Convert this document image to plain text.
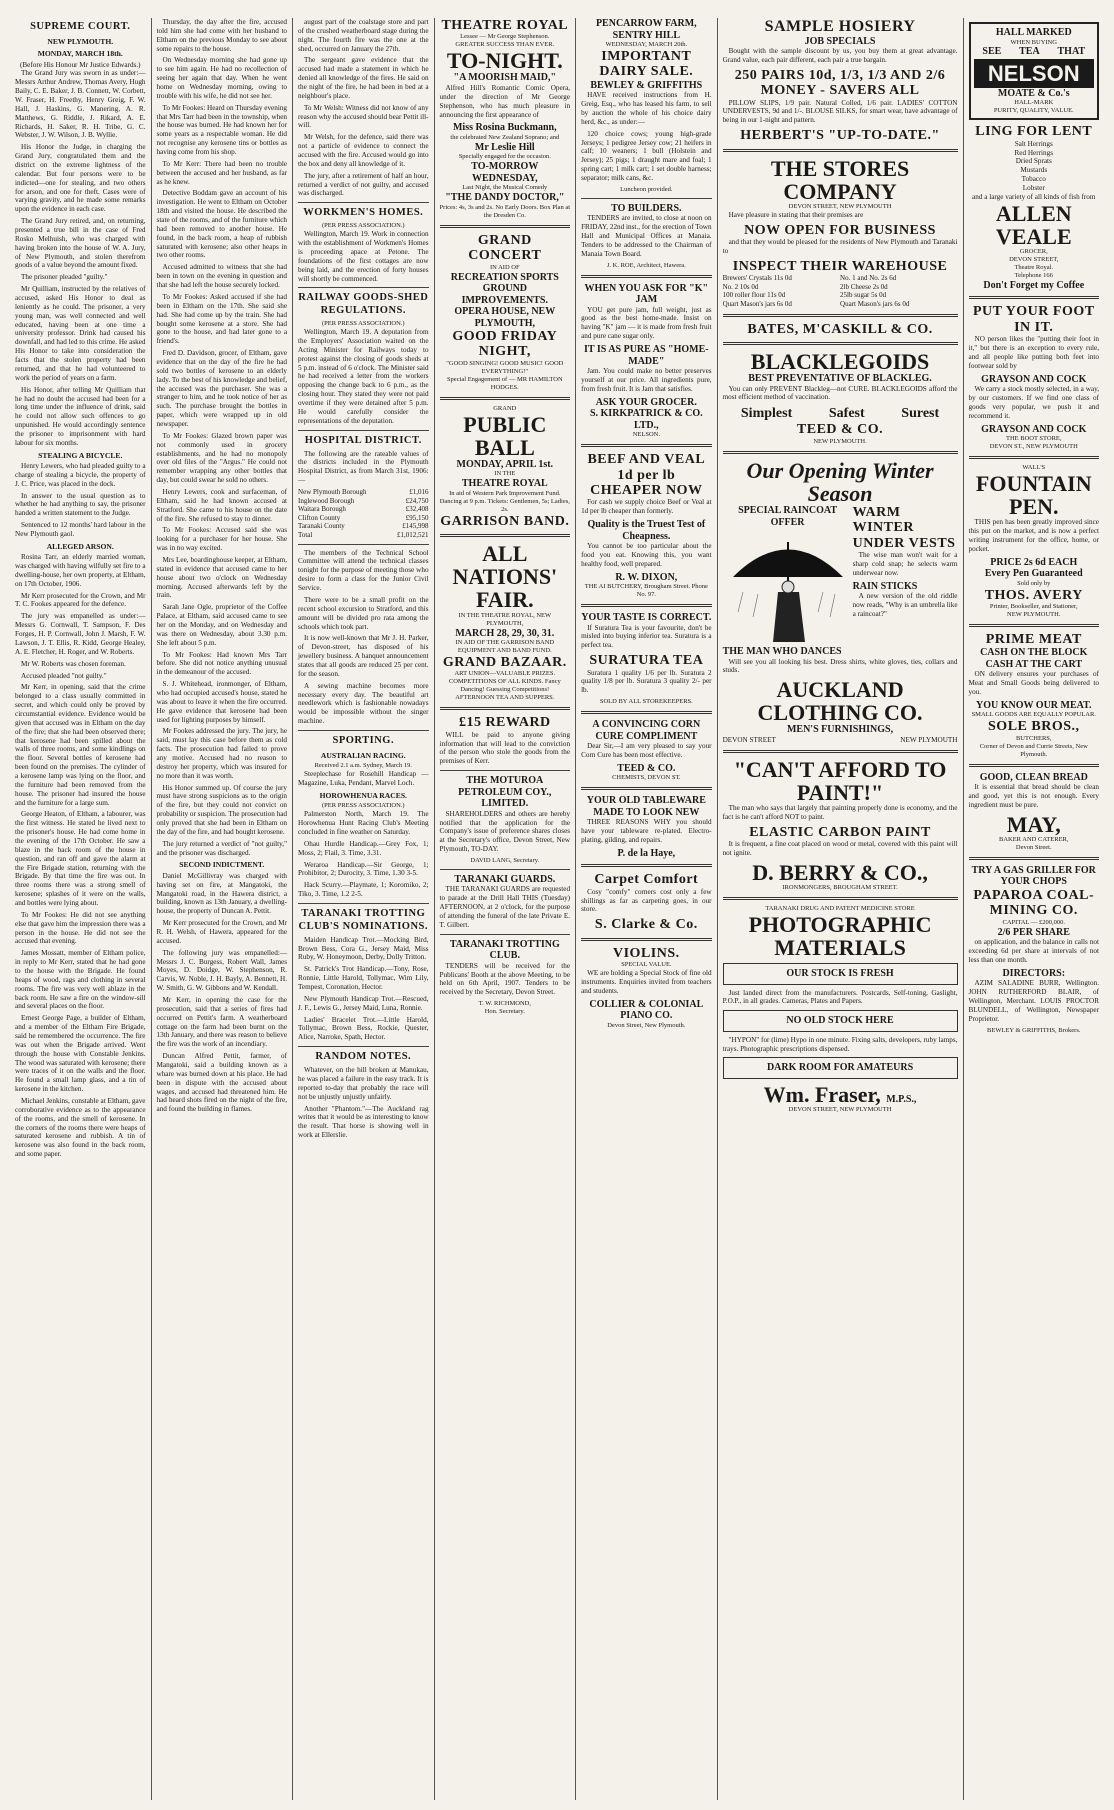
SUPREME COURT.
NEW PLYMOUTH.
MONDAY, MARCH 18th.
(Before His Honour Mr Justice Edwards.)

The Grand Jury was sworn in as under:—Messrs Arthur Andrew, Thomas Avery, Hugh Baily, C. E. Baker, J. B. Connett, W. Corbett, W. Fraser, H. Freethy, Henry Greig, F. W. Hall, J. Haskins, G. Manering, A. R. Matthews, G. Riddle, J. Rikard, A. E. Richards, H. Saker, R. H. Tribe, G. C. Webster, J. W. Wilson, J. B. Wyllie.

His Honor the Judge, in charging the Grand Jury, congratulated them and the district on the extreme lightness of the calendar. But four persons were to be indicted—one for stealing, and two others for arson, and one for theft. Cases were of varying gravity, and he made some remarks upon the evidence in each case.

The Grand Jury retired, and, on returning, presented a true bill in the case of Fred Rosko Melhuish, who was charged with having broken into the house of W. A. Jury, of New Plymouth, and stolen therefrom goods of a value beyond the amount fixed.

The prisoner pleaded "guilty."

Mr Quilliam, instructed by the relatives of accused, asked His Honor to deal as leniently as he could. The prisoner, a very young man, was well connected and well educated, having been at one time a university professor. Drink had caused his downfall, and had led to this crime. He asked His Honor to take into consideration the facts that the stolen property had been returned, and that he had volunteered to work the period of years on a farm.

His Honor, after telling Mr Quilliam that he had no doubt the accused had been for a long time under the influence of drink, said he could not allow such offences to go unpunished. He would accordingly sentence the prisoner to imprisonment with hard labour for six months.

STEALING A BICYCLE.

Henry Lewers, who had pleaded guilty to a charge of stealing a bicycle, the property of J. C. Price, was placed in the dock.

In answer to the usual question as to whether he had anything to say, the prisoner handed a written statement to the Judge.

Sentenced to 12 months' hard labour in the New Plymouth gaol.

ALLEGED ARSON.

Rosina Tarr, an elderly married woman, was charged with having wilfully set fire to a dwelling-house, her own property, at Eltham, on 17th October, 1906.

Mr Kerr prosecuted for the Crown, and Mr T. C. Fookes appeared for the defence.

The jury was empanelled as under:—Messrs G. Cornwall, T. Sampson, F. Des Forges, H. P. Cornwall, John J. Marsh, F. W. Lawson, J. T. Ellis, R. Kidd, George Healey, A. E. Fletcher, H. Roger, and W. Roberts.

Mr W. Roberts was chosen foreman.

Accused pleaded "not guilty."

Mr Kerr, in opening, said that the crime belonged to a class usually committed in secret, and which could only be proved by circumstantial evidence. Evidence would be given that accused was in Eltham on the day of the fire; that she had been observed there; that kerosene had been spilled about the walls of three rooms, and some kindlings on the floor. Several bottles of kerosene had been found on the premises. The cylinder of a kerosene lamp was lying on the floor, and the furniture had been removed from the house. The prisoner had insured the house and the furniture for a large sum.

George Heaton, of Eltham, a labourer, was the first witness. He stated he lived next to the prisoner's house. He had come home in the evening of the 17th October. He saw a blaze in the back room of the house in question, and ran off and gave the alarm at the Fire Brigade station, returning with the Brigade. By that time the fire was out. In three rooms there was a strong smell of kerosene; splashes of it were on the walls, and bottles were lying about.

To Mr Fookes: He did not see anything else that gave him the impression there was a person in the house. He did not see the accused that evening.

James Mossatt, member of Eltham police, in reply to Mr Kerr, stated that he had gone to the house with the Brigade. He found heaps of wood, rags and clothing in several rooms. The fire was very well ablaze in the back room. He saw a fire on the window-sill and several places on the floor.

Ernest George Page, a builder of Eltham, and a member of the Eltham Fire Brigade, said he remembered the occurrence. The fire was out when the Brigade arrived. Went through the house with Constable Jenkins. The wood was saturated with kerosene; there were traces of it on the walls and the floor. He found a small lamp glass, and a tin of kerosene in the kitchen.

Michael Jenkins, constable at Eltham, gave corroborative evidence as to the appearance of the rooms, and the smell of kerosene. In the corners of the rooms there were heaps of saturated kerosene and rubbish. A tin of kerosene was also found in the back room, and some paper.

Thursday, the day after the fire, accused told him she had come with her husband to Eltham on the previous Monday to see about some repairs to the house.

On Wednesday morning she had gone up to see him again. He had no recollection of seeing her again that day. When he went home on Wednesday morning, owing to trouble with his wife, he did not see her.

To Mr Fookes: Heard on Thursday evening that Mrs Tarr had been in the township, when the house was burned. He had known her for some years as a respectable woman. He did not recognise any kerosene tins or bottles as having come from his shop.

To Mr Kerr: There had been no trouble between the accused and her husband, as far as he knew.

Detective Boddam gave an account of his investigation. He went to Eltham on October 18th and visited the house. He described the state of the rooms, and of the furniture which had been removed to another house. He found, in the back room, a heap of rubbish saturated with kerosene; also other heaps in two other rooms.

Accused admitted to witness that she had been in town on the evening in question and that she had left the house securely locked.

To Mr Fookes: Asked accused if she had been in Eltham on the 17th. She said she had. She had come up by the train. She had bought some kerosene at a store. She had gone to the house, and had later gone to a friend's.

Fred D. Davidson, grocer, of Eltham, gave evidence that on the day of the fire he had sold two bottles of kerosene to an elderly lady. To the best of his knowledge and belief, the accused was the purchaser. She was a stranger to him, and he took notice of her as such. The purchase brought the bottles in paper, which were wrapped up in old newspaper.

To Mr Fookes: Glazed brown paper was not commonly used in grocery establishments, and he had no monopoly over old files of the "Argus." He could not remember wrapping any other bottles that day, but could swear he sold no others.

Henry Lewers, cook and surfaceman, of Eltham, said he had known accused at Stratford. She came to his house on the date of the fire. She refused to stay to dinner.

To Mr Fookes: Accused said she was looking for a purchaser for her house. She was in no way excited.

Mrs Lee, boardinghouse keeper, at Eltham, stated in evidence that accused came to her house about two o'clock on Wednesday morning. Accused afterwards left by the train.

Sarah Jane Ogle, proprietor of the Coffee Palace, at Eltham, said accused came to see her on the Monday, and on Wednesday and was there on Wednesday, about 3.30 p.m. She left about 5 p.m.

To Mr Fookes: Had known Mrs Tarr before. She did not notice anything unusual in the demeanour of the accused.

S. J. Whitehead, ironmonger, of Eltham, who had occupied accused's house, stated he was about to leave it when the fire occurred. He gave evidence that kerosene had been used for lighting purposes by himself.

Mr Fookes addressed the jury. The jury, he said, must lay this case before them as cold facts. The prosecution had failed to prove any motive. Accused had no reason to destroy her property, which was insured for no more than it was worth.

His Honor summed up. Of course the jury must have strong suspicions as to the origin of the fire, but they could not convict on probability or suspicion. The prosecution had only proved that she had been in Eltham on the day of the fire, and had bought kerosene.

The jury returned a verdict of "not guilty," and the prisoner was discharged.

SECOND INDICTMENT.

Daniel McGillivray was charged with having set on fire, at Mangatoki, the Mangatoki road, in the Hawera district, a building, known as 13th January, a dwelling-house, the property of Duncan A. Pettit.

Mr Kerr prosecuted for the Crown, and Mr R. H. Welsh, of Hawera, appeared for the accused.

The following jury was empanelled:—Messrs J. C. Burgess, Robert Wall, James Moyes, D. Doidge, W. Stephenson, R. Carvis, W. Noble, J. H. Bayly, A. Bennett, H. W. Smith, G. W. Gibbons and W. Kendall.

Mr Kerr, in opening the case for the prosecution, said that a series of fires had occurred on Pettit's farm. A weatherboard cottage on the farm had been burnt on the 13th January, and there was reason to believe the fire was the work of an incendiary.

Duncan Alfred Pettit, farmer, of Mangatoki, said a building known as a whare was burned down at his place. He had been in dispute with the accused about wages, and accused had threatened him. He had heard shots fired on the night of the fire, and found the building in flames.

august part of the coalstage store and part of the crushed weatherboard stage during the night. The fourth fire was the one at the shed, occurred on January the 27th.

The sergeant gave evidence that the accused had made a statement in which he denied all knowledge of the fires. He said on the night of the fire, he had been in bed at a neighbour's place.

To Mr Welsh: Witness did not know of any reason why the accused should bear Pettit ill-will.

Mr Welsh, for the defence, said there was not a particle of evidence to connect the accused with the fire. Accused would go into the box and deny all knowledge of it.

The jury, after a retirement of half an hour, returned a verdict of not guilty, and accused was discharged.

WORKMEN'S HOMES.
(PER PRESS ASSOCIATION.)

Wellington, March 19. Work in connection with the establishment of Workmen's Homes is proceeding apace at Petone. The foundations of the first cottages are now being laid, and the erection of forty houses will shortly be commenced.

RAILWAY GOODS-SHED REGULATIONS.
(PER PRESS ASSOCIATION.)

Wellington, March 19. A deputation from the Employers' Association waited on the Acting Minister for Railways today to protest against the closing of goods sheds at 5 p.m. instead of 6 o'clock. The Minister said he had received a letter from the workers opposing the change back to 6 p.m., as the closing hour. They stated they were not paid overtime if they were detained after 5 p.m. He would carefully consider the representations of the deputation.

HOSPITAL DISTRICT.

The following are the rateable values of the districts included in the Plymouth Hospital District, as from March 31st, 1906:—

New Plymouth Borough	£1,016
Inglewood Borough	£24,750
Waitara Borough	£32,408
Clifton County	£95,150
Taranaki County	£145,998
Total	£1,012,521

The members of the Technical School Committee will attend the technical classes tonight for the purpose of meeting those who desire to form a class for the Junior Civil Service.

There were to be a small profit on the recent school excursion to Stratford, and this amount will be divided pro rata among the schools which took part.

It is now well-known that Mr J. H. Parker, of Devon-street, has disposed of his jewellery business. A banquet announcement states that all goods are reduced 25 per cent. for the season.

A sewing machine becomes more necessary every day. The beautiful art needlework which is fashionable nowadays would be impossible without the singer machine.

SPORTING.
AUSTRALIAN RACING.
Received 2.1 a.m. Sydney, March 19.

Steeplechase for Rosehill Handicap — Magazine, Luka, Pendant, Marvel Loch.

HOROWHENUA RACES.
(PER PRESS ASSOCIATION.)

Palmerston North, March 19. The Horowhenua Hunt Racing Club's Meeting concluded in fine weather on Saturday.

Ohau Hurdle Handicap.—Grey Fox, 1; Moss, 2; Flail, 3. Time, 3.31.

Weraroa Handicap.—Sir George, 1; Prohibitor, 2; Durocity, 3. Time, 1.30 3-5.

Hack Scurry.—Playmate, 1; Koromiko, 2; Tiko, 3. Time, 1.2 2-5.

TARANAKI TROTTING CLUB'S NOMINATIONS.

Maiden Handicap Trot.—Mocking Bird, Brown Bess, Cora G., Jersey Maid, Miss Ruby, W. Honeymoon, Derby, Dolly Tritton.

St. Patrick's Trot Handicap.—Tony, Rose, Ronnie, Little Harold, Tollymac, Wim Lily, Tempest, Coronation, Hector.

New Plymouth Handicap Trot.—Rescued, J. F., Lewis G., Jersey Maid, Luna, Ronnie.

Ladies' Bracelet Trot.—Little Harold, Tollymac, Brown Bess, Rockie, Quester, Alice, Narroke, Spath, Hector.

RANDOM NOTES.

Whatever, on the hill broken at Manukau, he was placed a failure in the easy track. It is reported to-day that probably the race will not be unjustly unjustly unfairly.

Another "Phantom."—The Auckland rag writes that it would be as interesting to know the result. That horse is showing well in work at Ellerslie.

THEATRE ROYAL
Lessee — Mr George Stephenson.
GREATER SUCCESS THAN EVER.
TO-NIGHT.
"A MOORISH MAID,"

Alfred Hill's Romantic Comic Opera, under the direction of Mr George Stephenson, who has much pleasure in announcing the first appearance of

Miss Rosina Buckmann,
the celebrated New Zealand Soprano; and
Mr Leslie Hill
Specially engaged for the occasion.
TO-MORROW WEDNESDAY,
Last Night, the Musical Comedy
"THE DANDY DOCTOR,"
Prices: 4s, 3s and 2s. No Early Doors. Box Plan at the Dresden Co.
GRAND CONCERT
IN AID OF
RECREATION SPORTS GROUND IMPROVEMENTS.
OPERA HOUSE, NEW PLYMOUTH,
GOOD FRIDAY NIGHT,
"GOOD SINGING! GOOD MUSIC! GOOD EVERYTHING!"
Special Engagement of — MR HAMILTON HODGES.
GRAND
PUBLIC BALL
MONDAY, APRIL 1st.
IN THE
THEATRE ROYAL
In aid of Western Park Improvement Fund. Dancing at 9 p.m. Tickets: Gentlemen, 5s; Ladies, 2s.
GARRISON BAND.
ALL NATIONS' FAIR.
IN THE THEATRE ROYAL, NEW PLYMOUTH,
MARCH 28, 29, 30, 31.
IN AID OF THE GARRISON BAND EQUIPMENT AND BAND FUND.
GRAND BAZAAR.
ART UNION—VALUABLE PRIZES. COMPETITIONS OF ALL KINDS. Fancy Dancing! Guessing Competitions!
AFTERNOON TEA AND SUPPERS.
£15 REWARD

WILL be paid to anyone giving information that will lead to the conviction of the person who stole the goods from the premises of Kerr.

THE MOTUROA PETROLEUM COY., LIMITED.

SHAREHOLDERS and others are hereby notified that the application for the Company's issue of preference shares closes at the Secretary's office, Devon Street, New Plymouth, TO-DAY.

DAVID LANG, Secretary.
TARANAKI GUARDS.

THE TARANAKI GUARDS are requested to parade at the Drill Hall THIS (Tuesday) AFTERNOON, at 2 o'clock, for the purpose of attending the funeral of the late Private E. T. Gilbert.

TARANAKI TROTTING CLUB.

TENDERS will be received for the Publicans' Booth at the above Meeting, to be held on 6th April, 1907. Tenders to be received by the Secretary, Devon Street.

T. W. RICHMOND,
Hon. Secretary.
PENCARROW FARM, SENTRY HILL
WEDNESDAY, MARCH 20th.
IMPORTANT DAIRY SALE.
BEWLEY & GRIFFITHS

HAVE received instructions from H. Greig, Esq., who has leased his farm, to sell by auction the whole of his choice dairy herd, &c., as under:—

120 choice cows; young high-grade Jerseys; 1 pedigree Jersey cow; 21 heifers in calf; 10 weaners; 1 bull (Holstein and Jersey); 25 pigs; 1 draught mare and foal; 1 spring cart; 1 milk cart; 1 set double harness; separator; milk cans, &c.

Luncheon provided.
TO BUILDERS.

TENDERS are invited, to close at noon on FRIDAY, 22nd inst., for the erection of Town Hall and Municipal Offices at Manaia. Tenders to be addressed to the Chairman of Manaia Town Board.

J. K. ROE, Architect, Hawera.
WHEN YOU ASK FOR "K" JAM

YOU get pure jam, full weight, just as good as the best home-made. Insist on having "K" jam — it is made from fresh fruit and pure cane sugar only.

IT IS AS PURE AS "HOME-MADE"

Jam. You could make no better preserves yourself at our price. All ingredients pure, from fresh fruit. It is Jam that satisfies.

ASK YOUR GROCER.
S. KIRKPATRICK & CO. LTD.,
NELSON.
BEEF AND VEAL 1d per lb CHEAPER NOW

For cash we supply choice Beef or Veal at 1d per lb cheaper than formerly.

Quality is the Truest Test of Cheapness.

You cannot be too particular about the food you eat. Knowing this, you want healthy food, well prepared.

R. W. DIXON,
THE AI BUTCHERY, Brougham Street. Phone No. 97.
YOUR TASTE IS CORRECT.

If Suratura Tea is your favourite, don't be misled into buying inferior tea. Suratura is a perfect tea.

SURATURA TEA

Suratura 1 quality 1/6 per lb. Suratura 2 quality 1/8 per lb. Suratura 3 quality 2/- per lb.

SOLD BY ALL STOREKEEPERS.
A CONVINCING CORN CURE COMPLIMENT

Dear Sir,—I am very pleased to say your Corn Cure has been most effective.

TEED & CO.
CHEMISTS, DEVON ST.
YOUR OLD TABLEWARE MADE TO LOOK NEW

THREE REASONS WHY you should have your tableware re-plated. Electro-plating, gilding, and repairs.

P. de la Haye,
Carpet Comfort

Cosy "comfy" corners cost only a few shillings as far as carpeting goes, in our store.

S. Clarke & Co.
VIOLINS.
SPECIAL VALUE.

WE are holding a Special Stock of fine old instruments. Enquiries invited from teachers and students.

COLLIER & COLONIAL PIANO CO.
Devon Street, New Plymouth.
SAMPLE HOSIERY
JOB SPECIALS

Bought with the sample discount by us, you buy them at great advantage. Grand value, each pair different, each pair a true bargain.

250 PAIRS 10d, 1/3, 1/3 AND 2/6
MONEY - SAVERS ALL

PILLOW SLIPS, 1/9 pair. Natural Colled, 1/6 pair. LADIES' COTTON UNDERVESTS, 9d and 1/-. BLOUSE SILKS, for smart wear, have advantage of being in our 1-night and pattern.

HERBERT'S "UP-TO-DATE."
THE STORES COMPANY
DEVON STREET, NEW PLYMOUTH

Have pleasure in stating that their premises are

NOW OPEN FOR BUSINESS

and that they would be pleased for the residents of New Plymouth and Taranaki to

INSPECT THEIR WAREHOUSE
Brewers' Crystals 11s 0d	No. 1 and No. 2s 6d
No. 2 10s 0d	2lb Cheese 2s 0d
100 roller flour 11s 0d	25lb sugar 5s 0d
Quart Mason's jars 6s 0d	Quart Mason's jars 6s 0d
BATES, M'CASKILL & CO.
BLACKLEGOIDS
BEST PREVENTATIVE OF BLACKLEG.

You can only PREVENT Blackleg—not CURE. BLACKLEGOIDS afford the most efficient method of vaccination.

Simplest	Safest	Surest
TEED & CO.
NEW PLYMOUTH.
Our Opening Winter Season
SPECIAL RAINCOAT OFFER
WARM WINTER UNDER VESTS

The wise man won't wait for a sharp cold snap; he selects warm underwear now.

RAIN STICKS

A new version of the old riddle now reads, "Why is an umbrella like a raincoat?"

THE MAN WHO DANCES

Will see you all looking his best. Dress shirts, white gloves, ties, collars and studs.

AUCKLAND CLOTHING CO.
MEN'S FURNISHINGS,
DEVON STREET	NEW PLYMOUTH
"CAN'T AFFORD TO PAINT!"

The man who says that largely that painting properly done is economy, and the fact is he can't afford NOT to paint.

ELASTIC CARBON PAINT

It is frequent, a fine coat placed on wood or metal, covered with this paint will not ignite.

D. BERRY & CO.,
IRONMONGERS, BROUGHAM STREET.
TARANAKI DRUG AND PATENT MEDICINE STORE
PHOTOGRAPHIC MATERIALS
OUR STOCK IS FRESH

Just landed direct from the manufacturers. Postcards, Self-toning, Gaslight, P.O.P., in all grades. Cameras, Plates and Papers.

NO OLD STOCK HERE

"HYPON" for (lime) Hypo in one minute. Fixing salts, developers, ruby lamps, trays. Photographic prescriptions dispensed.

DARK ROOM FOR AMATEURS
Wm. Fraser, M.P.S.,
DEVON STREET, NEW PLYMOUTH
HALL MARKED
WHEN BUYING
SEE TEA THAT
NELSON
MOATE & Co.'s
HALL-MARK
PURITY, QUALITY, VALUE.
LING FOR LENT
Salt Herrings
Red Herrings
Dried Sprats
Mustards
Tobacco
Lobster
and a large variety of all kinds of fish from
ALLEN VEALE
GROCER,
DEVON STREET,
Theatre Royal.
Telephone 166
Don't Forget my Coffee
PUT YOUR FOOT IN IT.

NO person likes the "putting their foot in it," but there is an exception to every rule, and all people like putting both feet into footwear sold by

GRAYSON AND COCK

We carry a stock mostly selected, in a way, by our customers. If we find one class of goods very popular, we push it and recommend it.

GRAYSON AND COCK
THE BOOT STORE,
DEVON ST., NEW PLYMOUTH
WALL'S
FOUNTAIN PEN.

THIS pen has been greatly improved since this put on the market, and is now a perfect writing instrument for the office, home, or pocket.

PRICE 2s 6d EACH
Every Pen Guaranteed
Sold only by
THOS. AVERY
Printer, Bookseller, and Stationer,
NEW PLYMOUTH.
PRIME MEAT
CASH ON THE BLOCK
CASH AT THE CART

ON delivery ensures your purchases of Meat and Small Goods being delivered to you.

YOU KNOW OUR MEAT.
SMALL GOODS ARE EQUALLY POPULAR.
SOLE BROS.,
BUTCHERS,
Corner of Devon and Currie Streets, New Plymouth.
GOOD, CLEAN BREAD

It is essential that bread should be clean and good, yet this is not enough. Every ingredient must be pure.

MAY,
BAKER AND CATERER,
Devon Street.
TRY A GAS GRILLER FOR YOUR CHOPS
PAPAROA COAL-MINING CO.
CAPITAL — £200,000.
2/6 PER SHARE

on application, and the balance in calls not exceeding 6d per share at intervals of not less than one month.

DIRECTORS:

AZIM SALADINE BURR, Wellington. JOHN RUTHERFORD BLAIR, of Wellington, Merchant. LOUIS PROCTOR BLUNDELL, of Wellington, Newspaper Proprietor.

BEWLEY & GRIFFITHS, Brokers.
